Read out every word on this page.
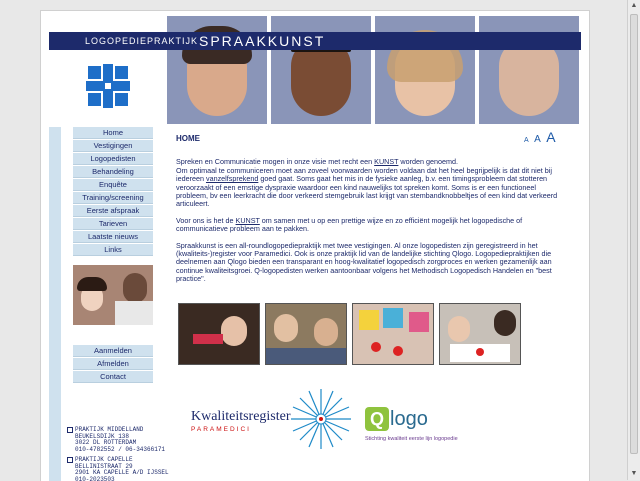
▲
▼
LOGOPEDIEPRAKTIJK SPRAAKKUNST
Home
Vestigingen
Logopedisten
Behandeling
Enquête
Training/screening
Eerste afspraak
Tarieven
Laatste nieuws
Links
Aanmelden
Afmelden
Contact
PRAKTIJK MIDDELLAND
BEUKELSDIJK 138
3022 DL ROTTERDAM
010-4782552 / 06-34366171
PRAKTIJK CAPELLE
BELLINISTRAAT 29
2901 KA CAPELLE A/D IJSSEL
010-2023503
A A A
HOME

Spreken en Communicatie mogen in onze visie met recht een KUNST worden genoemd.
Om optimaal te communiceren moet aan zoveel voorwaarden worden voldaan dat het heel begrijpelijk is dat dit niet bij iedereen vanzelfsprekend goed gaat. Soms gaat het mis in de fysieke aanleg, b.v. een timingsprobleem dat stotteren veroorzaakt of een ernstige dyspraxie waardoor een kind nauwelijks tot spreken komt. Soms is er een functioneel probleem, bv een leerkracht die door verkeerd stemgebruik last krijgt van stembandknobbeltjes of een kind dat verkeerd articuleert.

Voor ons is het de KUNST om samen met u op een prettige wijze en zo efficiënt mogelijk het logopedische of communicatieve probleem aan te pakken.

Spraakkunst is een all-roundlogopediepraktijk met twee vestigingen. Al onze logopedisten zijn geregistreerd in het (kwaliteits-)register voor Paramedici. Ook is onze praktijk lid van de landelijke stichting Qlogo. Logopediepraktijken die deelnemen aan Qlogo bieden een transparant en hoog-kwalitatief logopedisch zorgproces en werken gezamenlijk aan continue kwaliteitsgroei. Q-logopedisten werken aantoonbaar volgens het Methodisch Logopedisch Handelen en "best practice".

Kwaliteitsregister
PARAMEDICI
Q logo
Stichting kwaliteit eerste lijn logopedie
